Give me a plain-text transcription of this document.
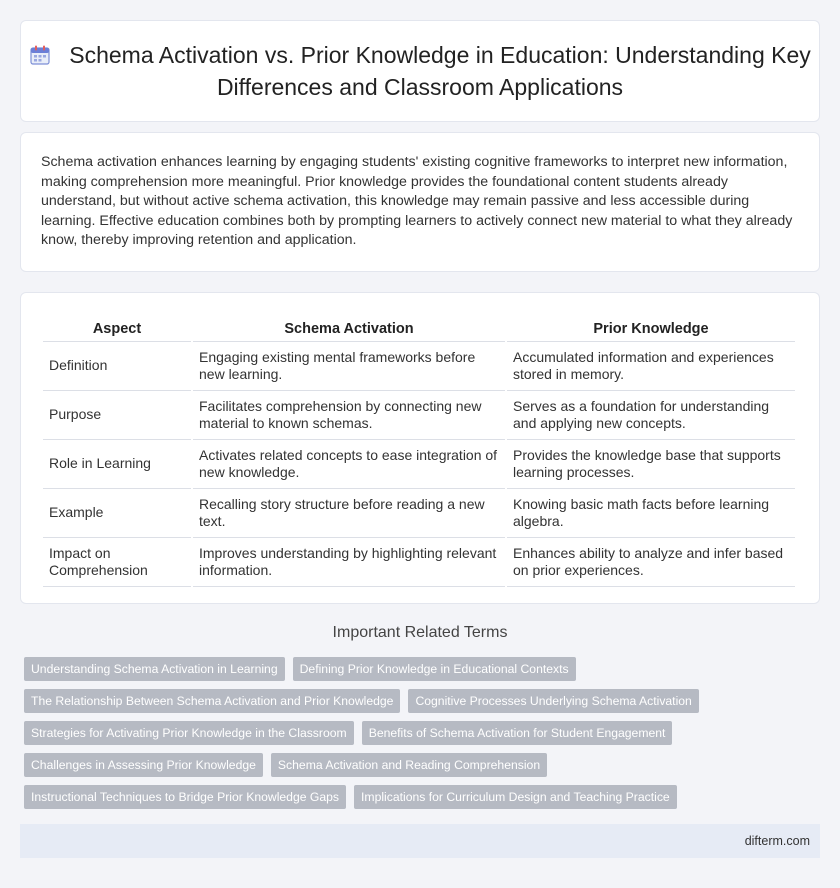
Schema Activation vs. Prior Knowledge in Education: Understanding Key Differences and Classroom Applications

Schema activation enhances learning by engaging students' existing cognitive frameworks to interpret new information, making comprehension more meaningful. Prior knowledge provides the foundational content students already understand, but without active schema activation, this knowledge may remain passive and less accessible during learning. Effective education combines both by prompting learners to actively connect new material to what they already know, thereby improving retention and application.

Aspect	Schema Activation	Prior Knowledge
Definition	Engaging existing mental frameworks before new learning.	Accumulated information and experiences stored in memory.
Purpose	Facilitates comprehension by connecting new material to known schemas.	Serves as a foundation for understanding and applying new concepts.
Role in Learning	Activates related concepts to ease integration of new knowledge.	Provides the knowledge base that supports learning processes.
Example	Recalling story structure before reading a new text.	Knowing basic math facts before learning algebra.
Impact on Comprehension	Improves understanding by highlighting relevant information.	Enhances ability to analyze and infer based on prior experiences.
Important Related Terms
Understanding Schema Activation in Learning	Defining Prior Knowledge in Educational Contexts
The Relationship Between Schema Activation and Prior Knowledge	Cognitive Processes Underlying Schema Activation
Strategies for Activating Prior Knowledge in the Classroom	Benefits of Schema Activation for Student Engagement
Challenges in Assessing Prior Knowledge	Schema Activation and Reading Comprehension
Instructional Techniques to Bridge Prior Knowledge Gaps	Implications for Curriculum Design and Teaching Practice
difterm.com
